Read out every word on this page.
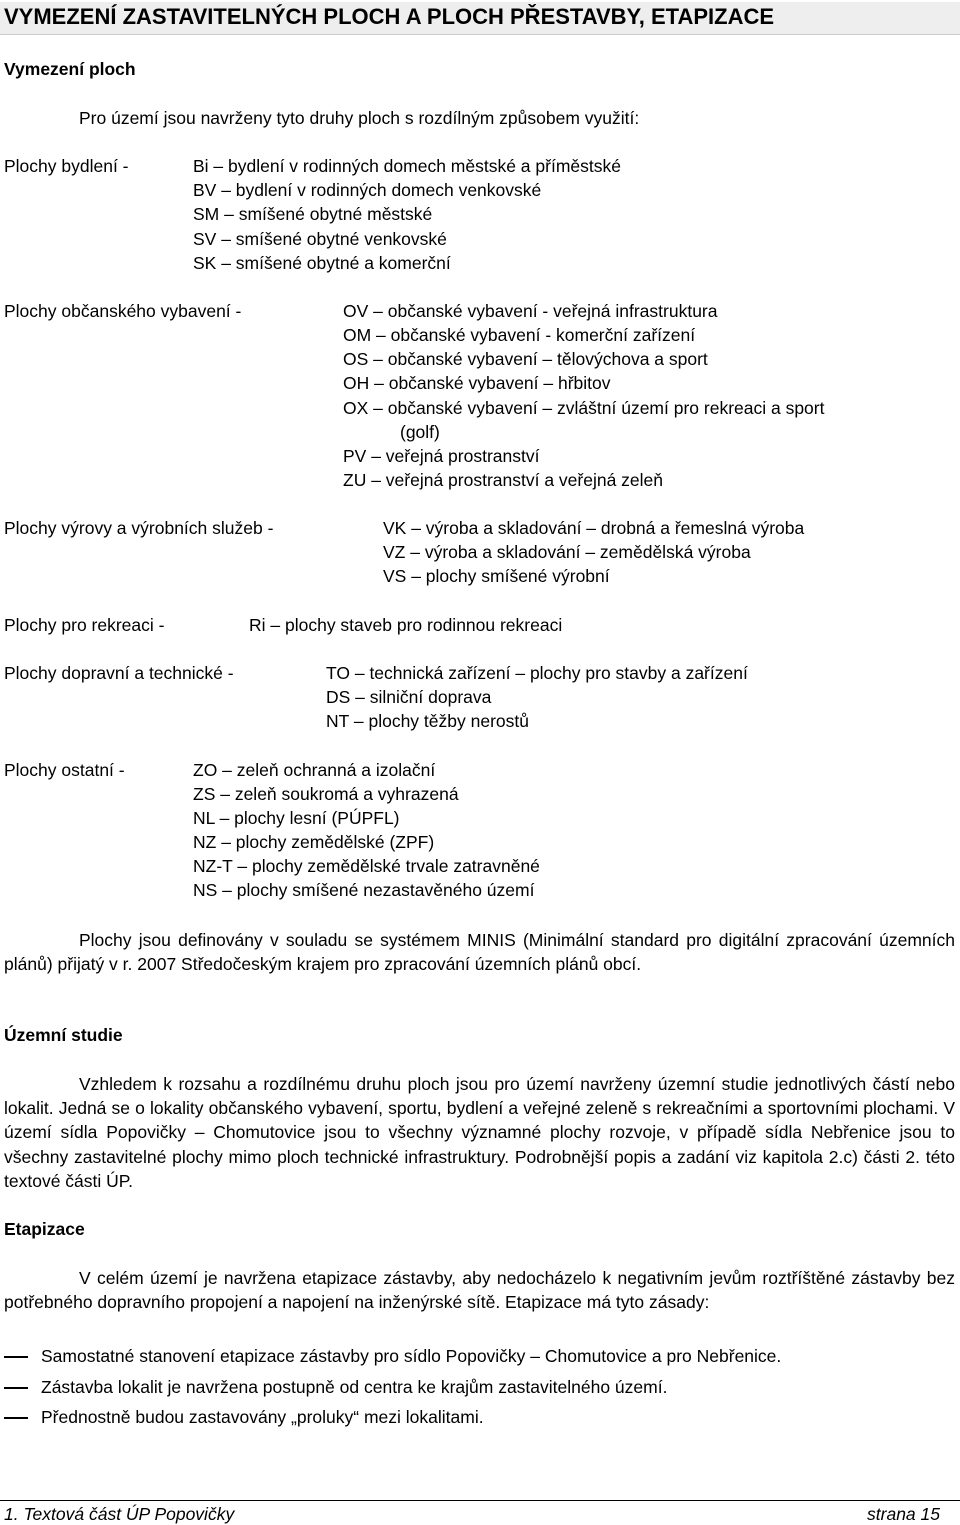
VYMEZENÍ ZASTAVITELNÝCH PLOCH A PLOCH PŘESTAVBY, ETAPIZACE
Vymezení ploch
Pro území jsou navrženy tyto druhy ploch s rozdílným způsobem využití:
Plochy bydlení -	Bi – bydlení v rodinných domech městské a příměstské
BV – bydlení v rodinných domech venkovské
SM – smíšené obytné městské
SV – smíšené obytné venkovské
SK – smíšené obytné a komerční
Plochy občanského vybavení -	OV – občanské vybavení - veřejná infrastruktura
OM – občanské vybavení - komerční zařízení
OS – občanské vybavení – tělovýchova a sport
OH – občanské vybavení – hřbitov
OX – občanské vybavení – zvláštní území pro rekreaci a sport
(golf)
PV – veřejná prostranství
ZU – veřejná prostranství a veřejná zeleň
Plochy výrovy a výrobních služeb -	VK – výroba a skladování – drobná a řemeslná výroba
VZ – výroba a skladování – zemědělská výroba
VS – plochy smíšené výrobní
Plochy pro rekreaci -	Ri – plochy staveb pro rodinnou rekreaci
Plochy dopravní a technické -	TO – technická zařízení – plochy pro stavby a zařízení
DS – silniční doprava
NT – plochy těžby nerostů
Plochy ostatní -	ZO – zeleň ochranná a izolační
ZS – zeleň soukromá a vyhrazená
NL – plochy lesní (PÚPFL)
NZ – plochy zemědělské (ZPF)
NZ-T – plochy zemědělské trvale zatravněné
NS – plochy smíšené nezastavěného území
Plochy jsou definovány v souladu se systémem MINIS (Minimální standard pro digitální zpracování územních plánů) přijatý v r. 2007 Středočeským krajem pro zpracování územních plánů obcí.
Územní studie
Vzhledem k rozsahu a rozdílnému druhu ploch jsou pro území navrženy územní studie jednotlivých částí nebo lokalit. Jedná se o lokality občanského vybavení, sportu, bydlení a veřejné zeleně s rekreačními a sportovními plochami. V území sídla Popovičky – Chomutovice jsou to všechny významné plochy rozvoje, v případě sídla Nebřenice jsou to všechny zastavitelné plochy mimo ploch technické infrastruktury. Podrobnější popis a zadání viz kapitola 2.c) části 2. této textové části ÚP.
Etapizace
V celém území je navržena etapizace zástavby, aby nedocházelo k negativním jevům roztříštěné zástavby bez potřebného dopravního propojení a napojení na inženýrské sítě. Etapizace má tyto zásady:
Samostatné stanovení etapizace zástavby pro sídlo Popovičky – Chomutovice a pro Nebřenice.
Zástavba lokalit je navržena postupně od centra ke krajům zastavitelného území.
Přednostně budou zastavovány „proluky“ mezi lokalitami.
1. Textová část ÚP Popovičky	strana 15
